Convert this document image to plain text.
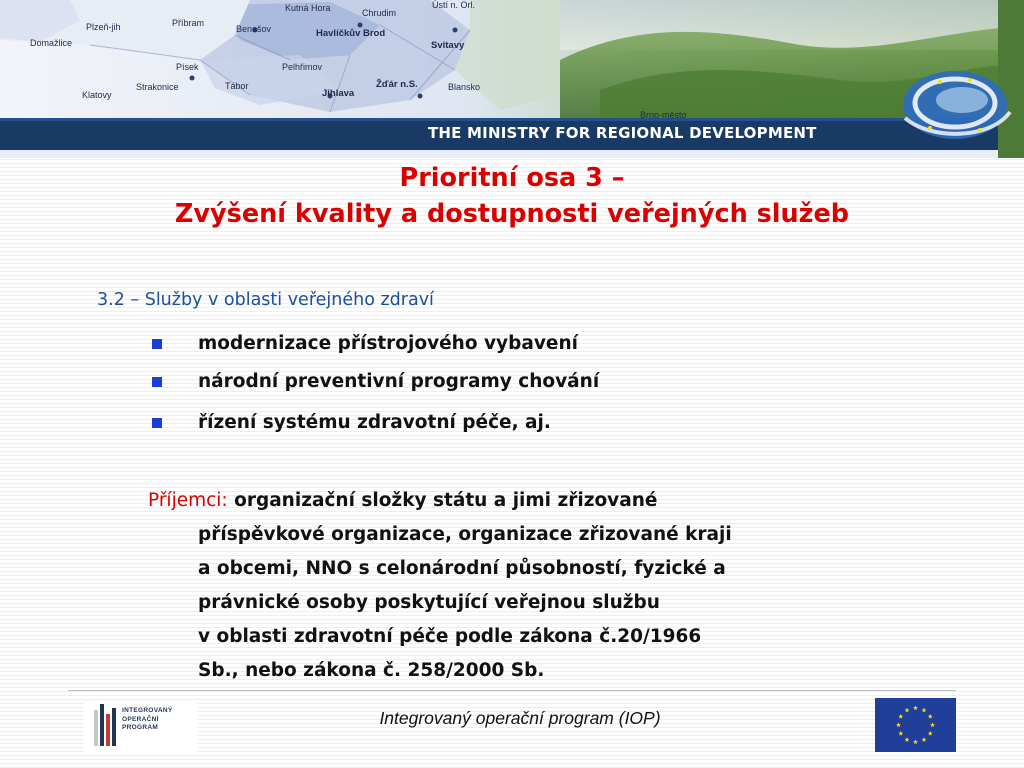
Plzeň-jih	Příbram
Kutná Hora	Chrudim
Ústí n. Orl.
Domažlice
Benešov	Havlíčkův Brod
Svitavy
Písek	Pelhřimov
Klatovy
Strakonice	Tábor
Jihlava
Žďár n.S.	Blansko
Brno-město
THE MINISTRY FOR REGIONAL DEVELOPMENT
Prioritní osa 3 –
Zvýšení kvality a dostupnosti veřejných služeb
3.2 – Služby v oblasti veřejného zdraví
modernizace přístrojového vybavení
národní preventivní programy chování
řízení systému zdravotní péče, aj.
Příjemci: organizační složky státu a jimi zřizované
příspěvkové organizace, organizace zřizované kraji
a obcemi, NNO s celonárodní působností, fyzické a
právnické osoby poskytující veřejnou službu
v oblasti zdravotní péče podle zákona č.20/1966
Sb., nebo zákona č. 258/2000 Sb.
INTEGROVANÝ
OPERAČNÍ
PROGRAM	Integrovaný operační program (IOP)
